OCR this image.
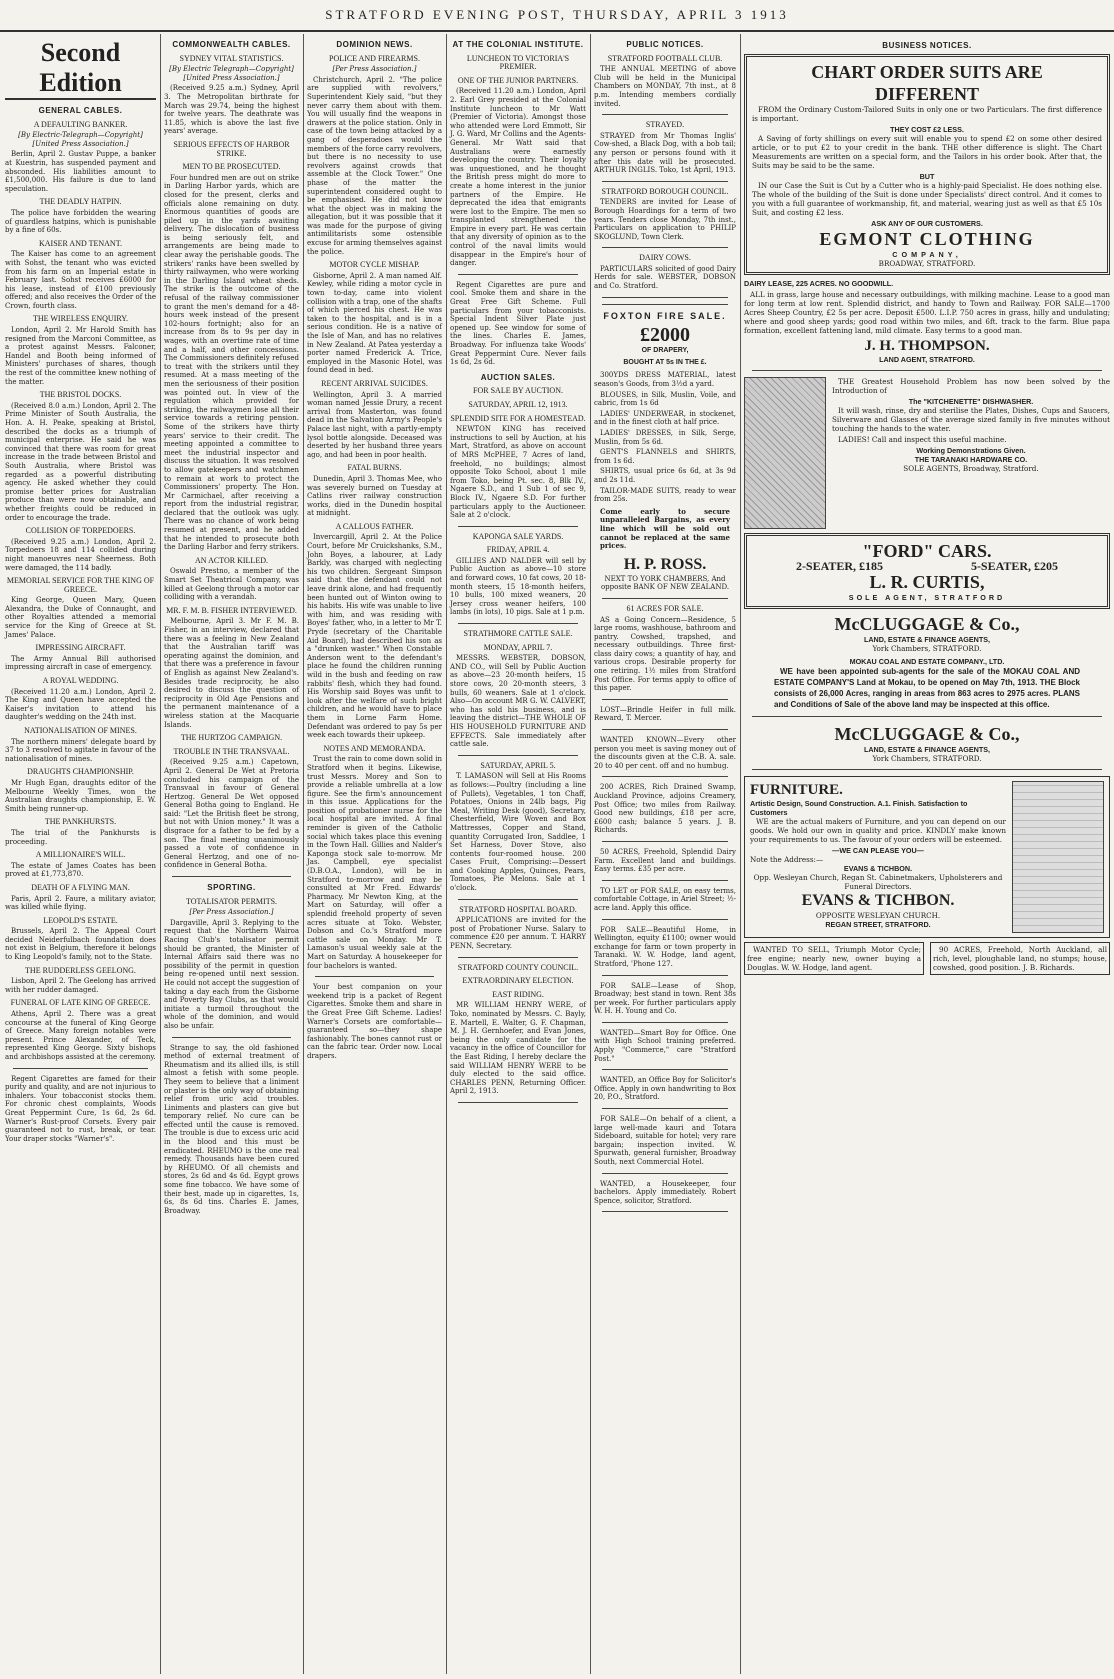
STRATFORD EVENING POST, THURSDAY, APRIL 3 1913
Second Edition
GENERAL CABLES.
A DEFAULTING BANKER.
[By Electric-Telegraph—Copyright] [United Press Association.]

Berlin, April 2. Gustav Puppe, a banker at Kuestrin, has suspended payment and absconded. His liabilities amount to £1,500,000. His failure is due to land speculation.

THE DEADLY HATPIN.

The police have forbidden the wearing of guardless hatpins, which is punishable by a fine of 60s.

KAISER AND TENANT.

The Kaiser has come to an agreement with Sohst, the tenant who was evicted from his farm on an Imperial estate in February last. Sohst receives £6000 for his lease, instead of £100 previously offered; and also receives the Order of the Crown, fourth class.

THE WIRELESS ENQUIRY.

London, April 2. Mr Harold Smith has resigned from the Marconi Committee, as a protest against Messrs. Falconer, Handel and Booth being informed of Ministers' purchases of shares, though the rest of the committee knew nothing of the matter.

THE BRISTOL DOCKS.

(Received 8.0 a.m.) London, April 2. The Prime Minister of South Australia, the Hon. A. H. Peake, speaking at Bristol, described the docks as a triumph of municipal enterprise. He said he was convinced that there was room for great increase in the trade between Bristol and South Australia, where Bristol was regarded as a powerful distributing agency. He asked whether they could promise better prices for Australian produce than were now obtainable, and whether freights could be reduced in order to encourage the trade.

COLLISION OF TORPEDOERS.

(Received 9.25 a.m.) London, April 2. Torpedoers 18 and 114 collided during night manoeuvres near Sheerness. Both were damaged, the 114 badly.

MEMORIAL SERVICE FOR THE KING OF GREECE.

King George, Queen Mary, Queen Alexandra, the Duke of Connaught, and other Royalties attended a memorial service for the King of Greece at St. James' Palace.

IMPRESSING AIRCRAFT.

The Army Annual Bill authorised impressing aircraft in case of emergency.

A ROYAL WEDDING.

(Received 11.20 a.m.) London, April 2. The King and Queen have accepted the Kaiser's invitation to attend his daughter's wedding on the 24th inst.

NATIONALISATION OF MINES.

The northern miners' delegate board by 37 to 3 resolved to agitate in favour of the nationalisation of mines.

DRAUGHTS CHAMPIONSHIP.

Mr Hugh Egan, draughts editor of the Melbourne Weekly Times, won the Australian draughts championship, E. W. Smith being runner-up.

THE PANKHURSTS.

The trial of the Pankhursts is proceeding.

A MILLIONAIRE'S WILL.

The estate of James Coates has been proved at £1,773,870.

DEATH OF A FLYING MAN.

Paris, April 2. Faure, a military aviator, was killed while flying.

LEOPOLD'S ESTATE.

Brussels, April 2. The Appeal Court decided Neiderfulbach foundation does not exist in Belgium, therefore it belongs to King Leopold's family, not to the State.

THE RUDDERLESS GEELONG.

Lisbon, April 2. The Geelong has arrived with her rudder damaged.

FUNERAL OF LATE KING OF GREECE.

Athens, April 2. There was a great concourse at the funeral of King George of Greece. Many foreign notables were present. Prince Alexander, of Teck, represented King George. Sixty bishops and archbishops assisted at the ceremony.

Regent Cigarettes are famed for their purity and quality, and are not injurious to inhalers. Your tobacconist stocks them. For chronic chest complaints, Woods Great Peppermint Cure, 1s 6d, 2s 6d. Warner's Rust-proof Corsets. Every pair guaranteed not to rust, break, or tear. Your draper stocks "Warner's".

COMMONWEALTH CABLES.
SYDNEY VITAL STATISTICS.
[By Electric Telegraph—Copyright] [United Press Association.]

(Received 9.25 a.m.) Sydney, April 3. The Metropolitan birthrate for March was 29.74, being the highest for twelve years. The deathrate was 11.85, which is above the last five years' average.

SERIOUS EFFECTS OF HARBOR STRIKE.
MEN TO BE PROSECUTED.

Four hundred men are out on strike in Darling Harbor yards, which are closed for the present, clerks and officials alone remaining on duty. Enormous quantities of goods are piled up in the yards awaiting delivery. The dislocation of business is being seriously felt, and arrangements are being made to clear away the perishable goods. The strikers' ranks have been swelled by thirty railwaymen, who were working in the Darling Island wheat sheds. The strike is the outcome of the refusal of the railway commissioner to grant the men's demand for a 48-hours week instead of the present 102-hours fortnight; also for an increase from 8s to 9s per day in wages, with an overtime rate of time and a half, and other concessions. The Commissioners definitely refused to treat with the strikers until they resumed. At a mass meeting of the men the seriousness of their position was pointed out. In view of the regulation which provided for striking, the railwaymen lose all their service towards a retiring pension. Some of the strikers have thirty years' service to their credit. The meeting appointed a committee to meet the industrial inspector and discuss the situation. It was resolved to allow gatekeepers and watchmen to remain at work to protect the Commissioners' property. The Hon. Mr Carmichael, after receiving a report from the industrial registrar, declared that the outlook was ugly. There was no chance of work being resumed at present, and he added that he intended to prosecute both the Darling Harbor and ferry strikers.

AN ACTOR KILLED.

Oswald Prestno, a member of the Smart Set Theatrical Company, was killed at Geelong through a motor car colliding with a verandah.

MR. F. M. B. FISHER INTERVIEWED.

Melbourne, April 3. Mr F. M. B. Fisher, in an interview, declared that there was a feeling in New Zealand that the Australian tariff was operating against the dominion, and that there was a preference in favour of English as against New Zealand's. Besides trade reciprocity, he also desired to discuss the question of reciprocity in Old Age Pensions and the permanent maintenance of a wireless station at the Macquarie Islands.

THE HURTZOG CAMPAIGN.
TROUBLE IN THE TRANSVAAL.

(Received 9.25 a.m.) Capetown, April 2. General De Wet at Pretoria concluded his campaign of the Transvaal in favour of General Hertzog. General De Wet opposed General Botha going to England. He said: "Let the British fleet be strong, but not with Union money." It was a disgrace for a father to be fed by a son. The final meeting unanimously passed a vote of confidence in General Hertzog, and one of no-confidence in General Botha.

SPORTING.
TOTALISATOR PERMITS.
[Per Press Association.]

Dargaville, April 3. Replying to the request that the Northern Wairoa Racing Club's totalisator permit should be granted, the Minister of Internal Affairs said there was no possibility of the permit in question being re-opened until next session. He could not accept the suggestion of taking a day each from the Gisborne and Poverty Bay Clubs, as that would initiate a turmoil throughout the whole of the dominion, and would also be unfair.

Strange to say, the old fashioned method of external treatment of Rheumatism and its allied ills, is still almost a fetish with some people. They seem to believe that a liniment or plaster is the only way of obtaining relief from uric acid troubles. Liniments and plasters can give but temporary relief. No cure can be effected until the cause is removed. The trouble is due to excess uric acid in the blood and this must be eradicated. RHEUMO is the one real remedy. Thousands have been cured by RHEUMO. Of all chemists and stores, 2s 6d and 4s 6d. Egypt grows some fine tobacco. We have some of their best, made up in cigarettes, 1s, 6s, 8s 6d tins. Charles E. James, Broadway.

DOMINION NEWS.
POLICE AND FIREARMS.
[Per Press Association.]

Christchurch, April 2. "The police are supplied with revolvers," Superintendent Kiely said, "but they never carry them about with them. You will usually find the weapons in drawers at the police station. Only in case of the town being attacked by a gang of desperadoes would the members of the force carry revolvers, but there is no necessity to use revolvers against crowds that assemble at the Clock Tower." One phase of the matter the superintendent considered ought to be emphasised. He did not know what the object was in making the allegation, but it was possible that it was made for the purpose of giving antimilitarists some ostensible excuse for arming themselves against the police.

MOTOR CYCLE MISHAP.

Gisborne, April 2. A man named Alf. Kewley, while riding a motor cycle in town to-day, came into violent collision with a trap, one of the shafts of which pierced his chest. He was taken to the hospital, and is in a serious condition. He is a native of the Isle of Man, and has no relatives in New Zealand. At Patea yesterday a porter named Frederick A. Trice, employed in the Masonic Hotel, was found dead in bed.

RECENT ARRIVAL SUICIDES.

Wellington, April 3. A married woman named Jessie Drury, a recent arrival from Masterton, was found dead in the Salvation Army's People's Palace last night, with a partly-empty lysol bottle alongside. Deceased was deserted by her husband three years ago, and had been in poor health.

FATAL BURNS.

Dunedin, April 3. Thomas Mee, who was severely burned on Tuesday at Catlins river railway construction works, died in the Dunedin hospital at midnight.

A CALLOUS FATHER.

Invercargill, April 2. At the Police Court, before Mr Cruickshanks, S.M., John Boyes, a labourer, at Lady Barkly, was charged with neglecting his two children. Sergeant Simpson said that the defendant could not leave drink alone, and had frequently been hunted out of Winton owing to his habits. His wife was unable to live with him, and was residing with Boyes' father, who, in a letter to Mr T. Pryde (secretary of the Charitable Aid Board), had described his son as a "drunken waster." When Constable Anderson went to the defendant's place he found the children running wild in the bush and feeding on raw rabbits' flesh, which they had found. His Worship said Boyes was unfit to look after the welfare of such bright children, and he would have to place them in Lorne Farm Home. Defendant was ordered to pay 5s per week each towards their upkeep.

NOTES AND MEMORANDA.

Trust the rain to come down solid in Stratford when it begins. Likewise, trust Messrs. Morey and Son to provide a reliable umbrella at a low figure. See the firm's announcement in this issue. Applications for the position of probationer nurse for the local hospital are invited. A final reminder is given of the Catholic social which takes place this evening in the Town Hall. Gillies and Nalder's Kaponga stock sale to-morrow. Mr Jas. Campbell, eye specialist (D.B.O.A., London), will be in Stratford to-morrow and may be consulted at Mr Fred. Edwards' Pharmacy. Mr Newton King, at the Mart on Saturday, will offer a splendid freehold property of seven acres situate at Toko. Webster, Dobson and Co.'s Stratford more cattle sale on Monday. Mr T. Lamason's usual weekly sale at the Mart on Saturday. A housekeeper for four bachelors is wanted.

Your best companion on your weekend trip is a packet of Regent Cigarettes. Smoke them and share in the Great Free Gift Scheme. Ladies! Warner's Corsets are comfortable—guaranteed so—they shape fashionably. The bones cannot rust or can the fabric tear. Order now. Local drapers.

AT THE COLONIAL INSTITUTE.
LUNCHEON TO VICTORIA'S PREMIER.
ONE OF THE JUNIOR PARTNERS.

(Received 11.20 a.m.) London, April 2. Earl Grey presided at the Colonial Institute luncheon to Mr Watt (Premier of Victoria). Amongst those who attended were Lord Emmott, Sir J. G. Ward, Mr Collins and the Agents-General. Mr Watt said that Australians were earnestly developing the country. Their loyalty was unquestioned, and he thought the British press might do more to create a home interest in the junior partners of the Empire. He deprecated the idea that emigrants were lost to the Empire. The men so transplanted strengthened the Empire in every part. He was certain that any diversity of opinion as to the control of the naval limits would disappear in the Empire's hour of danger.

Regent Cigarettes are pure and cool. Smoke them and share in the Great Free Gift Scheme. Full particulars from your tobacconists. Special Indent Silver Plate just opened up. See window for some of the lines. Charles E. James, Broadway. For influenza take Woods' Great Peppermint Cure. Never fails 1s 6d, 2s 6d.

AUCTION SALES.
FOR SALE BY AUCTION.
SATURDAY, APRIL 12, 1913.
SPLENDID SITE FOR A HOMESTEAD.

NEWTON KING has received instructions to sell by Auction, at his Mart, Stratford, as above on account of MRS McPHEE, 7 Acres of land, freehold, no buildings; almost opposite Toko School, about 1 mile from Toko, being Pt. sec. 8, Blk IV., Ngaere S.D., and 1 Sub 1 of sec 9, Block IV., Ngaere S.D. For further particulars apply to the Auctioneer. Sale at 2 o'clock.

KAPONGA SALE YARDS.
FRIDAY, APRIL 4.

GILLIES AND NALDER will sell by Public Auction as above—10 store and forward cows, 10 fat cows, 20 18-month steers, 15 18-month heifers, 10 bulls, 100 mixed weaners, 20 Jersey cross weaner heifers, 100 lambs (in lots), 10 pigs. Sale at 1 p.m.

STRATHMORE CATTLE SALE.
MONDAY, APRIL 7.

MESSRS. WEBSTER, DOBSON, AND CO., will Sell by Public Auction as above—23 20-month heifers, 15 store cows, 20 20-month steers, 3 bulls, 60 weaners. Sale at 1 o'clock. Also—On account MR G. W. CALVERT, who has sold his business, and is leaving the district—THE WHOLE OF HIS HOUSEHOLD FURNITURE AND EFFECTS. Sale immediately after cattle sale.

SATURDAY, APRIL 5.

T. LAMASON will Sell at His Rooms as follows:—Poultry (including a line of Pullets), Vegetables, 1 ton Chaff, Potatoes, Onions in 24lb bags, Pig Meal, Writing Desk (good), Secretary, Chesterfield, Wire Woven and Box Mattresses, Copper and Stand, quantity Corrugated Iron, Saddlee, 1 Set Harness, Dover Stove, also contents four-roomed house. 200 Cases Fruit, Comprising:—Dessert and Cooking Apples, Quinces, Pears, Tomatoes, Pie Melons. Sale at 1 o'clock.

STRATFORD HOSPITAL BOARD.

APPLICATIONS are invited for the post of Probationer Nurse. Salary to commence £20 per annum. T. HARRY PENN, Secretary.

STRATFORD COUNTY COUNCIL.
EXTRAORDINARY ELECTION.
EAST RIDING.

MR WILLIAM HENRY WERE, of Toko, nominated by Messrs. C. Bayly, E. Martell, E. Walter, G. F. Chapman, M. J. H. Gernhoefer, and Evan Jones, being the only candidate for the vacancy in the office of Councillor for the East Riding, I hereby declare the said WILLIAM HENRY WERE to be duly elected to the said office. CHARLES PENN, Returning Officer. April 2, 1913.

PUBLIC NOTICES.
STRATFORD FOOTBALL CLUB.

THE ANNUAL MEETING of above Club will be held in the Municipal Chambers on MONDAY, 7th inst., at 8 p.m. Intending members cordially invited.

STRAYED.

STRAYED from Mr Thomas Inglis' Cow-shed, a Black Dog, with a bob tail; any person or persons found with it after this date will be prosecuted. ARTHUR INGLIS. Toko, 1st April, 1913.

STRATFORD BOROUGH COUNCIL.

TENDERS are invited for Lease of Borough Hoardings for a term of two years. Tenders close Monday, 7th inst., Particulars on application to PHILIP SKOGLUND, Town Clerk.

DAIRY COWS.

PARTICULARS solicited of good Dairy Herds for sale. WEBSTER, DOBSON and Co. Stratford.

FOXTON FIRE SALE.
£2000
OF DRAPERY,
BOUGHT AT 5s IN THE £.

300YDS DRESS MATERIAL, latest season's Goods, from 3½d a yard.

BLOUSES, in Silk, Muslin, Voile, and cabric, from 1s 6d

LADIES' UNDERWEAR, in stockenet, and in the finest cloth at half price.

LADIES' DRESSES, in Silk, Serge, Muslin, from 5s 6d.

GENT'S FLANNELS and SHIRTS, from 1s 6d.

SHIRTS, usual price 6s 6d, at 3s 9d and 2s 11d.

TAILOR-MADE SUITS, ready to wear from 25s.

Come early to secure unparalleled Bargains, as every line which will be sold out cannot be replaced at the same prices.

H. P. ROSS.
NEXT TO YORK CHAMBERS, And opposite BANK OF NEW ZEALAND.
61 ACRES FOR SALE.

AS a Going Concern—Residence, 5 large rooms, washhouse, bathroom and pantry. Cowshed, trapshed, and necessary outbuildings. Three first-class dairy cows; a quantity of hay, and various crops. Desirable property for one retiring. 1½ miles from Stratford Post Office. For terms apply to office of this paper.

LOST—Brindle Heifer in full milk. Reward, T. Mercer.

WANTED KNOWN—Every other person you meet is saving money out of the discounts given at the C.B. A. sale. 20 to 40 per cent. off and no humbug.

200 ACRES, Rich Drained Swamp, Auckland Province, adjoins Creamery, Post Office; two miles from Railway. Good new buildings, £18 per acre, £600 cash; balance 5 years. J. B. Richards.

50 ACRES, Freehold, Splendid Dairy Farm. Excellent land and buildings. Easy terms. £35 per acre.

TO LET or FOR SALE, on easy terms, comfortable Cottage, in Ariel Street; ½-acre land. Apply this office.

FOR SALE—Beautiful Home, in Wellington, equity £1100; owner would exchange for farm or town property in Taranaki. W. W. Hodge, land agent, Stratford, 'Phone 127.

FOR SALE—Lease of Shop, Broadway; best stand in town. Rent 38s per week. For further particulars apply W. H. H. Young and Co.

WANTED—Smart Boy for Office. One with High School training preferred. Apply "Commerce," care "Stratford Post."

WANTED, an Office Boy for Solicitor's Office. Apply in own handwriting to Box 20, P.O., Stratford.

FOR SALE—On behalf of a client, a large well-made kauri and Totara Sideboard, suitable for hotel; very rare bargain; inspection invited. W. Spurwath, general furnisher, Broadway South, next Commercial Hotel.

WANTED, a Housekeeper, four bachelors. Apply immediately. Robert Spence, solicitor, Stratford.

BUSINESS NOTICES.
CHART ORDER SUITS ARE DIFFERENT

FROM the Ordinary Custom-Tailored Suits in only one or two Particulars. The first difference is important.

THEY COST £2 LESS.

A Saving of forty shillings on every suit will enable you to spend £2 on some other desired article, or to put £2 to your credit in the bank. THE other difference is slight. The Chart Measurements are written on a special form, and the Tailors in his order book. After that, the Suits may be said to be the same.

BUT

IN our Case the Suit is Cut by a Cutter who is a highly-paid Specialist. He does nothing else. The whole of the building of the Suit is done under Specialists' direct control. And it comes to you with a full guarantee of workmanship, fit, and material, wearing just as well as that £5 10s Suit, and costing £2 less.

ASK ANY OF OUR CUSTOMERS.
EGMONT CLOTHING
COMPANY,
BROADWAY, STRATFORD.
DAIRY LEASE, 225 ACRES. NO GOODWILL.

ALL in grass, large house and necessary outbuildings, with milking machine. Lease to a good man for long term at low rent. Splendid district, and handy to Town and Railway. FOR SALE—1700 Acres Sheep Country, £2 5s per acre. Deposit £500. L.I.P. 750 acres in grass, hilly and undulating; where and good sheep yards; good road within two miles, and 6ft. track to the farm. Blue papa formation, excellent fattening land, mild climate. Easy terms to a good man.

J. H. THOMPSON.
LAND AGENT, STRATFORD.

THE Greatest Household Problem has now been solved by the Introduction of

The "KITCHENETTE" DISHWASHER.

It will wash, rinse, dry and sterilise the Plates, Dishes, Cups and Saucers, Silverware and Glasses of the average sized family in five minutes without touching the hands to the water.

LADIES! Call and inspect this useful machine.

Working Demonstrations Given.
THE TARANAKI HARDWARE CO.
SOLE AGENTS, Broadway, Stratford.
"FORD" CARS.
2-SEATER, £185	5-SEATER, £205
L. R. CURTIS,
SOLE AGENT, STRATFORD
McCLUGGAGE & Co.,
LAND, ESTATE & FINANCE AGENTS,
York Chambers, STRATFORD.
MOKAU COAL AND ESTATE COMPANY., LTD.

WE have been appointed sub-agents for the sale of the MOKAU COAL AND ESTATE COMPANY'S Land at Mokau, to be opened on May 7th, 1913. THE Block consists of 26,000 Acres, ranging in areas from 863 acres to 2975 acres. PLANS and Conditions of Sale of the above land may be inspected at this office.

McCLUGGAGE & Co.,
LAND, ESTATE & FINANCE AGENTS,
York Chambers, STRATFORD.
FURNITURE.
Artistic Design, Sound Construction. A.1. Finish. Satisfaction to Customers

WE are the actual makers of Furniture, and you can depend on our goods. We hold our own in quality and price. KINDLY make known your requirements to us. The favour of your orders will be esteemed.

—WE CAN PLEASE YOU—
Note the Address:—
EVANS & TICHBON.
Opp. Wesleyan Church, Regan St. Cabinetmakers, Upholsterers and Funeral Directors.
EVANS & TICHBON.
OPPOSITE WESLEYAN CHURCH.
REGAN STREET, STRATFORD.

WANTED TO SELL, Triumph Motor Cycle; free engine; nearly new, owner buying a Douglas. W. W. Hodge, land agent.

90 ACRES, Freehold, North Auckland, all rich, level, ploughable land, no stumps; house, cowshed, good position. J. B. Richards.
